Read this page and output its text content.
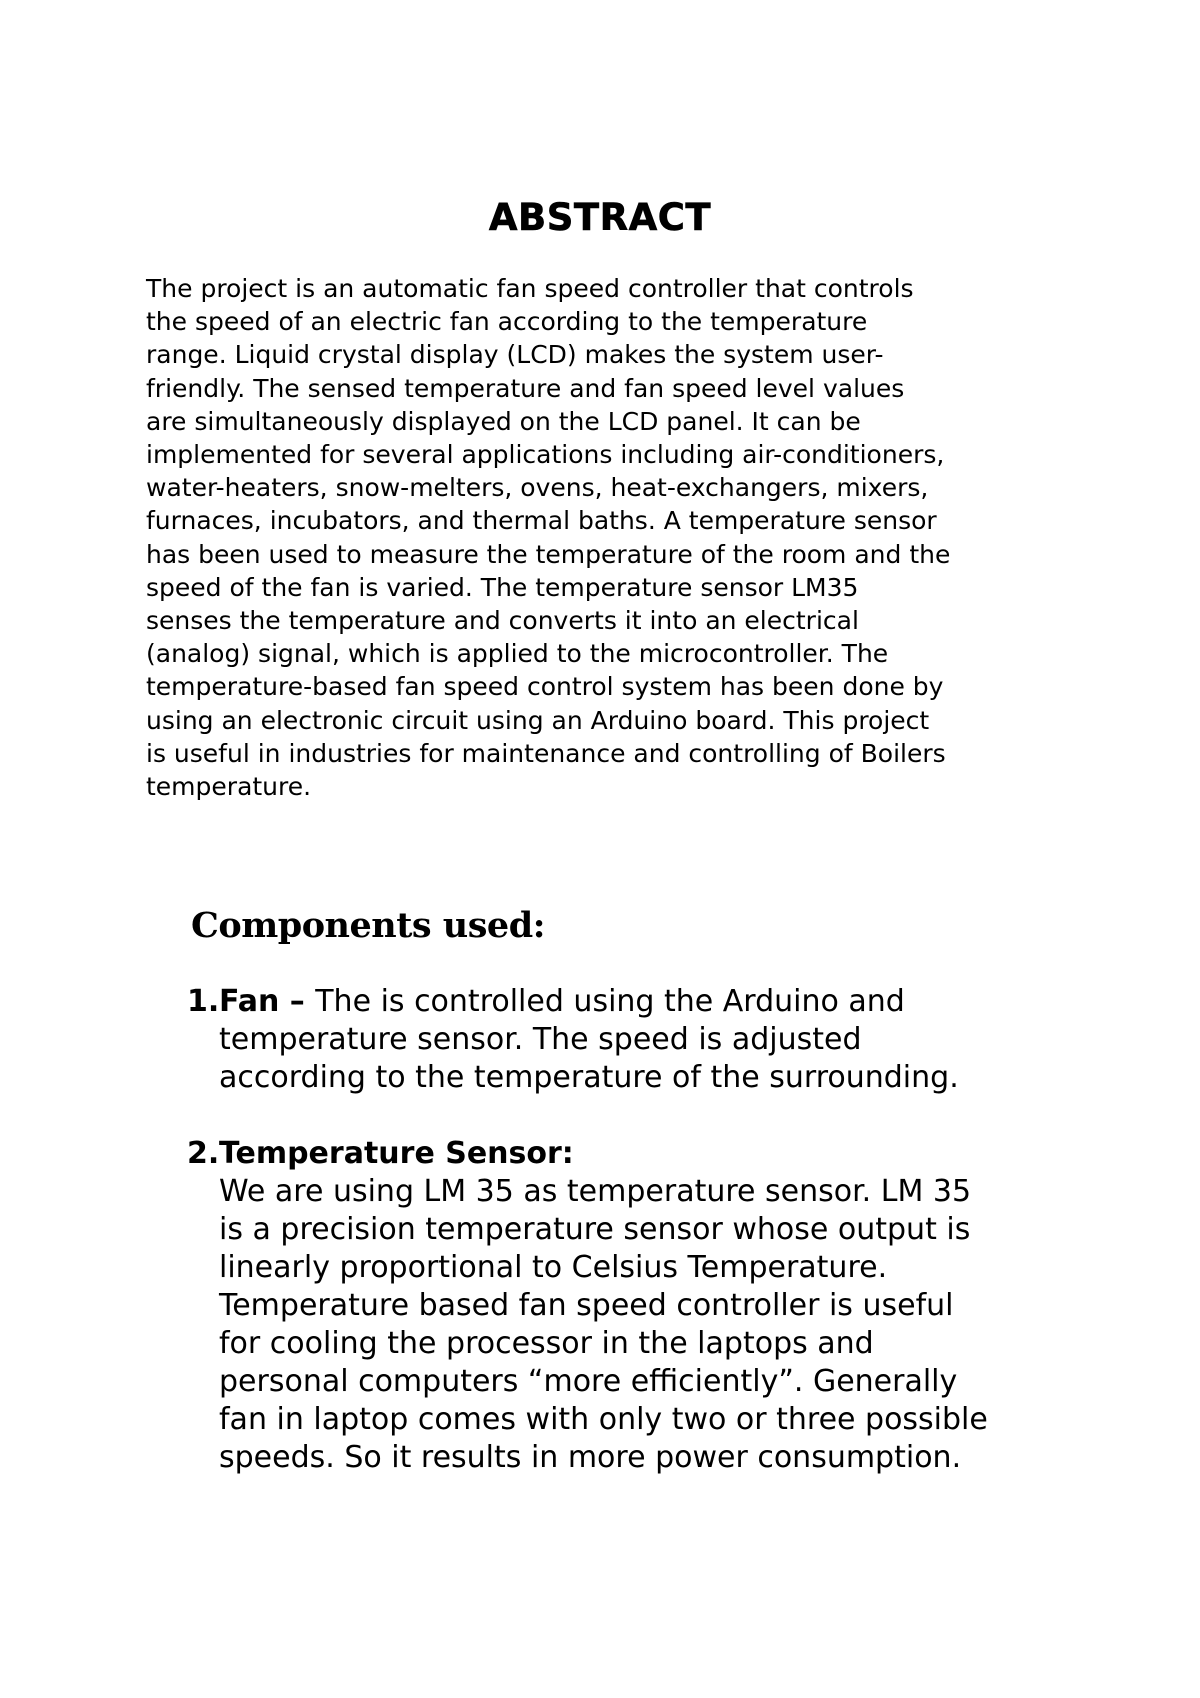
ABSTRACT

The project is an automatic fan speed controller that controls
the speed of an electric fan according to the temperature
range. Liquid crystal display (LCD) makes the system user-
friendly. The sensed temperature and fan speed level values
are simultaneously displayed on the LCD panel. It can be
implemented for several applications including air-conditioners,
water-heaters, snow-melters, ovens, heat-exchangers, mixers,
furnaces, incubators, and thermal baths. A temperature sensor
has been used to measure the temperature of the room and the
speed of the fan is varied. The temperature sensor LM35
senses the temperature and converts it into an electrical
(analog) signal, which is applied to the microcontroller. The
temperature-based fan speed control system has been done by
using an electronic circuit using an Arduino board. This project
is useful in industries for maintenance and controlling of Boilers
temperature.

Components used:
1. Fan – The is controlled using the Arduino and
temperature sensor. The speed is adjusted
according to the temperature of the surrounding.
2. Temperature Sensor:
We are using LM 35 as temperature sensor. LM 35
is a precision temperature sensor whose output is
linearly proportional to Celsius Temperature.
Temperature based fan speed controller is useful
for cooling the processor in the laptops and
personal computers “more efficiently”. Generally
fan in laptop comes with only two or three possible
speeds. So it results in more power consumption.
